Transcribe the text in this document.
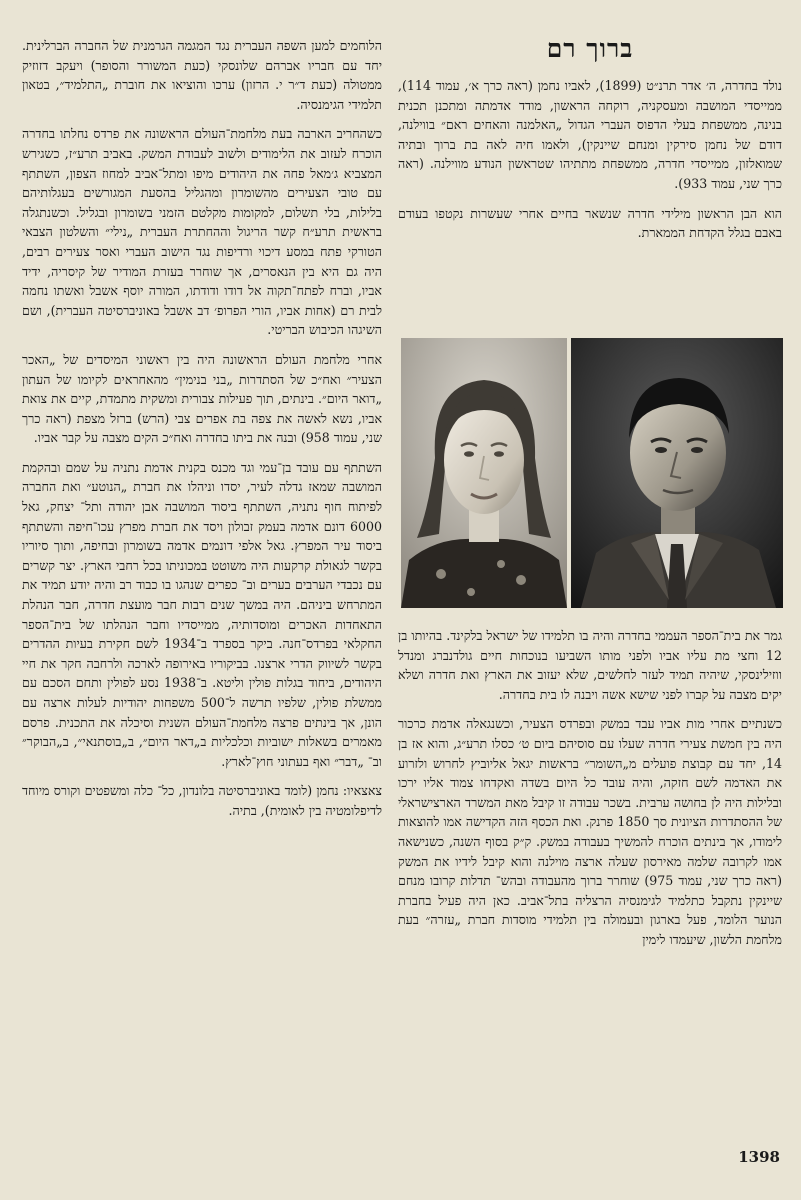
ברוך רם

נולד בחדרה, ה׳ אדר תרנ״ט (1899), לאביו נחמן (ראה כרך א׳, עמוד 114), ממייסדי המושבה ומעסקניה, רוקחה הראשון, מודד אדמתה ומתכנן תכנית בנינה, ממשפחת בעלי הדפוס העברי הגדול „האלמנה והאחים ראם״ בווילנה, דודם של נחמן סירקין ומנחם שיינקין), ולאמו חיה לאה בת ברוך ובתיה שמואלזון, ממייסדי חדרה, ממשפחת מתתיהו שטראשון הנודע מווילנה. (ראה כרך שני, עמוד 933).

הוא הבן הראשון מילידי חדרה שנשאר בחיים אחרי שעשרות נקטפו בעודם באבם בגלל הקדחת הממארת.

גמר את בית־הספר העממי בחדרה והיה בו תלמידו של ישראל בלקינד. בהיותו בן 12 וחצי מת עליו אביו ולפני מותו השביעו בנוכחות חיים גולדנברג ומנדל ווזילינסקי, שיהיה תמיד לעזר לחלשים, שלא יעזוב את הארץ ואת חדרה ושלא יקים מצבה על קברו לפני שישא אשה ויבנה לו בית בחדרה.

כשנתיים אחרי מות אביו עבד במשק ובפרדס הצעיר, וכשנגאלה אדמת כרכור היה בין חמשת צעירי חדרה שעלו עם סוסיהם ביום ט׳ כסלו תרע״ג, והוא אז בן 14, יחד עם קבוצת פועלים מ„השומר״ בראשות יגאל אליוביץ לחרוש ולזרוע את האדמה לשם חזקה, והיה עובד כל היום בשדה ואקדחו צמוד אליו ירכו ובלילות היה לן בחושה ערבית. בשכר עבודה זו קיבל מאת המשרד הארצישראלי של ההסתדרות הציונית סך 1850 פרנק. ואת הכסף הזה הקדישה אמו להוצאות לימודו, אך בינתים הוכרח להמשיך בעבודה במשק. ק״ק בסוף השנה, כשנישאה אמו לקרובה שלמה מאירסון שעלה ארצה מוילנה והוא קיבל לידיו את המשק (ראה כרך שני, עמוד 975) שוחרר ברוך מהעבודה ובהש־ תדלות קרובו מנחם שיינקין נתקבל כתלמיד לגימנסיה הרצליה בתל־אביב. כאן היה פעיל בחברת הנוער הלומד, פעל בארגון ובעמולה בין תלמידי מוסדות חברת „עזרה״ בעת מלחמת הלשון, שיעמדו לימין

הלוחמים למען השפה העברית נגד המגמה הגרמנית של החברה הברלינית. יחד עם חבריו אברהם שלונסקי (כעת המשורר והסופר) ויעקב דזוזיק ממטולה (כעת ד״ר י. הרזון) ערכו והוציאו את חוברת „התלמיד״, בטאון תלמידי הגימנסיה.

כשהחריב הארבה בעת מלחמת־העולם הראשונה את פרדס נחלתו בחדרה הוכרח לעזוב את הלימודים ולשוב לעבודת המשק. באביב תרע״ז, כשגירש המצביא ג׳מאל פחה את היהודים מיפו ומתל־אביב למחוז הצפון, השתתף עם טובי הצעירים מהשומרון ומהגליל בהסעת המגורשים בעגלותיהם בלילות, בלי תשלום, למקומות מקלטם הזמני בשומרון ובגליל. וכשנתגלה בראשית תרע״ח קשר הריגול וההחתרת העברית „נילי״ והשלטון הצבאי הטורקי פתח במסע דיכוי ורדיפות נגד הישוב העברי ואסר צעירים רבים, היה גם היא בין הנאסרים, אך שוחרר בעזרת המודיר של קיסריה, ידיד אביו, וברח לפתח־תקוה אל דודו ודודתו, המורה יוסף אשבל ואשתו נחמה לבית רם (אחות אביו, הורי הפרופ׳ דב אשבל באוניברסיטה העברית), ושם השיגהו הכיבוש הבריטי.

אחרי מלחמת העולם הראשונה היה בין ראשוני המיסדים של „האכר הצעיר״ ואח״כ של הסתדרות „בני בנימין״ מהאחראים לקיומו של העתון „דואר היום״. בינתים, תוך פעילות צבורית ומשקית מתמדת, קיים את צואת אביו, נשא לאשה את צפה בת אפרים צבי (הרש) ברזל מצפת (ראה כרך שני, עמוד 958) ובנה את ביתו בחדרה ואח״כ הקים מצבה על קבר אביו.

השתתף עם עובד בן־עמי וגד מכנס בקנית אדמת נתניה על שמם ובהקמת המושבה שמאז גדלה לעיר, יסדו וניהלו את חברת „הנוטע״ ואת החברה לפיתוח חוף נתניה, השתתף ביסוד המושבה אבן יהודה ותל־ יצחק, גאל 6000 דונם אדמה בעמק זבולון ויסד את חברת מפרץ עכו־חיפה והשתתף ביסוד עיר המפרץ. גאל אלפי דונמים אדמה בשומרון ובחיפה, ותוך סיוריו בקשר לגאולת קרקעות היה משוטט במכוניתו בכל רחבי הארץ. יצר קשרים עם נכבדי הערבים בערים וב־ כפרים שנהגו בו כבוד רב והיה יודע תמיד את המתרחש ביניהם. היה במשך שנים רבות חבר מועצת חדרה, חבר הנהלת התאחדות האכרים ומוסדותיה, ממייסדיו וחבר הנהלתו של בית־הספר החקלאי בפרדס־חנה. ביקר בספרד ב־1934 לשם חקירת בעיות ההדרים בקשר לשיווק הדרי ארצנו. בביקוריו באירופה לארכה ולרחבה חקר את חיי היהודים, ביחוד בגלות פולין וליטא. ב־1938 נסע לפולין ותחם הסכם עם ממשלת פולין, שלפיו תרשה ל־500 משפחות יהודיות לעלות ארצה עם הונן, אך בינתים פרצה מלחמת־העולם השנית וסיכלה את התכנית. פרסם מאמרים בשאלות ישוביות וכלכליות ב„דאר היום״, ב„בוסתנאי״, ב„הבוקר״ וב־ „דבר״ ואף בעתוני חוץ־לארץ.

צאצאיו: נחמן (לומד באוניברסיטה בלונדון, כל־ כלה ומשפטים וקורס מיוחד לדיפלומטיה בין לאומית), בתיה.

1398
